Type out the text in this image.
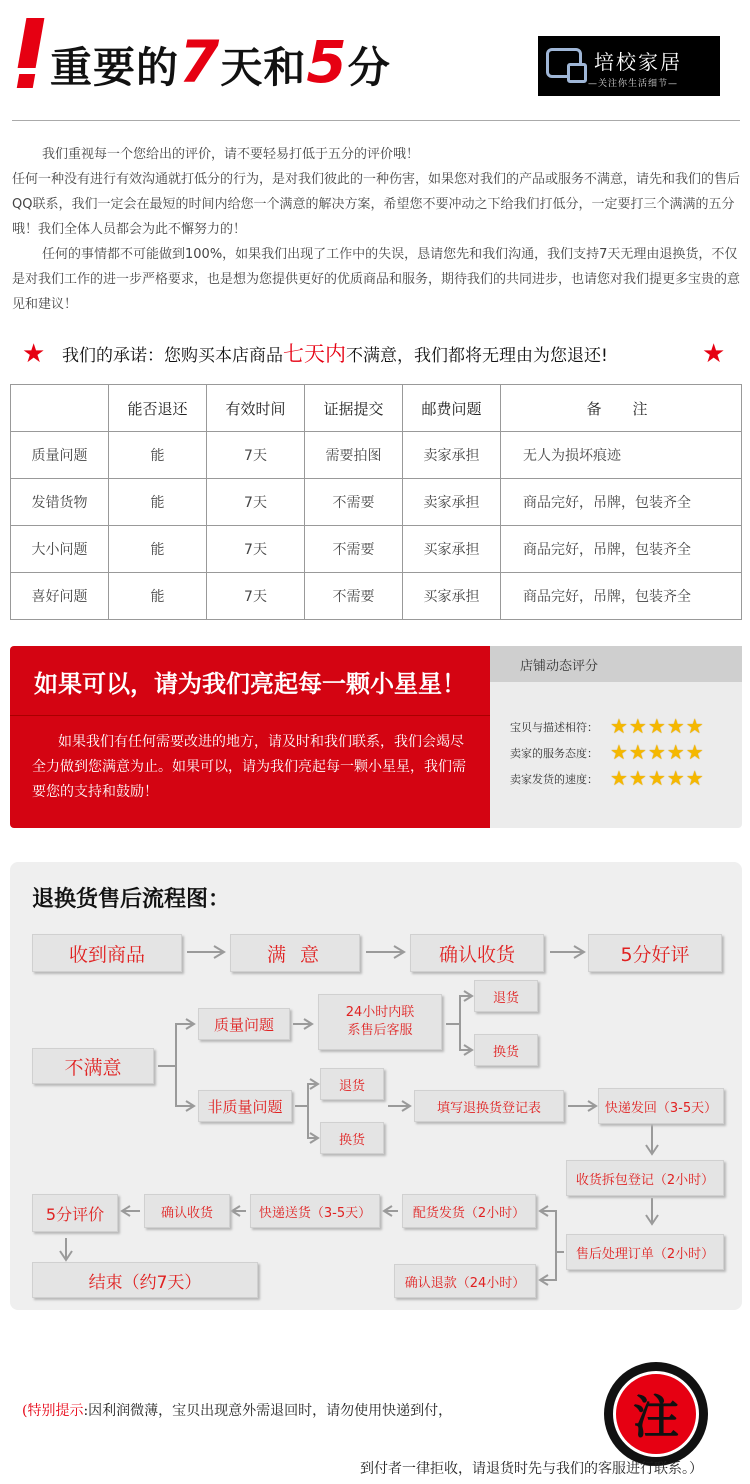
重要的7天和5分	培校家居
—关注你生活细节—

我们重视每一个您给出的评价，请不要轻易打低于五分的评价哦！

任何一种没有进行有效沟通就打低分的行为，是对我们彼此的一种伤害，如果您对我们的产品或服务不满意，请先和我们的售后QQ联系，我们一定会在最短的时间内给您一个满意的解决方案，希望您不要冲动之下给我们打低分，一定要打三个满满的五分哦！我们全体人员都会为此不懈努力的！

任何的事情都不可能做到100%，如果我们出现了工作中的失误，恳请您先和我们沟通，我们支持7天无理由退换货，不仅是对我们工作的进一步严格要求，也是想为您提供更好的优质商品和服务，期待我们的共同进步，也请您对我们提更多宝贵的意见和建议！

★ 我们的承诺：您购买本店商品七天内不满意，我们都将无理由为您退还!	★
	能否退还	有效时间	证据提交	邮费问题	备　注
质量问题	能	7天	需要拍图	卖家承担	无人为损坏痕迹
发错货物	能	7天	不需要	卖家承担	商品完好，吊牌，包装齐全
大小问题	能	7天	不需要	买家承担	商品完好，吊牌，包装齐全
喜好问题	能	7天	不需要	买家承担	商品完好，吊牌，包装齐全
如果可以，请为我们亮起每一颗小星星！
如果我们有任何需要改进的地方，请及时和我们联系，我们会竭尽全力做到您满意为止。如果可以，请为我们亮起每一颗小星星，我们需要您的支持和鼓励！
店铺动态评分
宝贝与描述相符： ★★★★★
卖家的服务态度： ★★★★★
卖家发货的速度： ★★★★★
退换货售后流程图：
收到商品	满 意	确认收货	5分好评
不满意
质量问题
24小时内联
系售后客服
退货
换货
非质量问题
退货
换货
填写退换货登记表	快递发回（3-5天）
收货拆包登记（2小时）
售后处理订单（2小时）
5分评价	确认收货	快递送货（3-5天）	配货发货（2小时）
确认退款（24小时）
结束（约7天）
(特别提示:因利润微薄，宝贝出现意外需退回时，请勿使用快递到付，	注
到付者一律拒收，请退货时先与我们的客服进行联系。）
